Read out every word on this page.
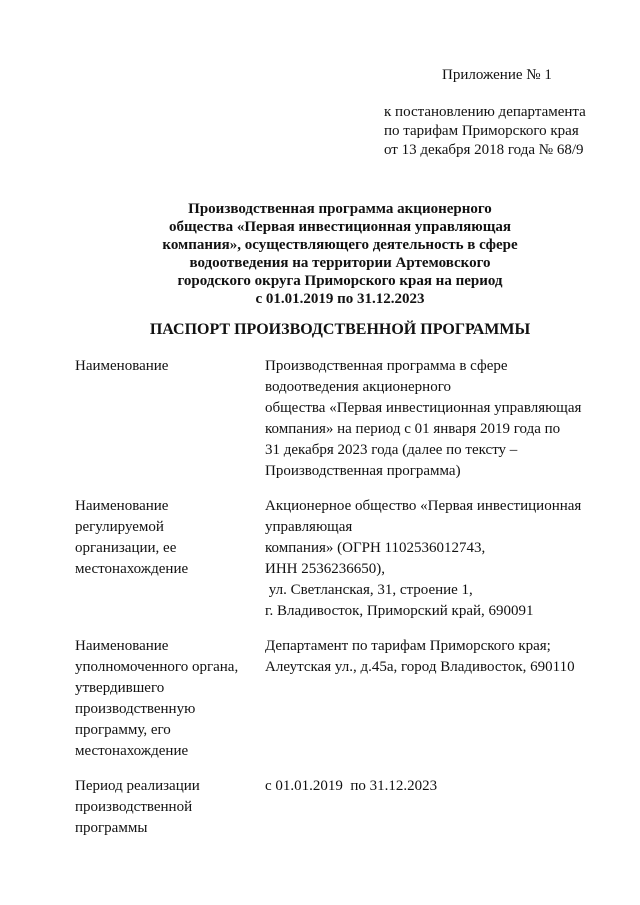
Приложение № 1
к постановлению департамента
по тарифам Приморского края
от 13 декабря 2018 года № 68/9
Производственная программа акционерного
общества «Первая инвестиционная управляющая
компания», осуществляющего деятельность в сфере
водоотведения на территории Артемовского
городского округа Приморского края на период
с 01.01.2019 по 31.12.2023
ПАСПОРТ ПРОИЗВОДСТВЕННОЙ ПРОГРАММЫ
Наименование	Производственная программа в сфере
водоотведения акционерного
общества «Первая инвестиционная управляющая
компания» на период с 01 января 2019 года по
31 декабря 2023 года (далее по тексту –
Производственная программа)
Наименование
регулируемой
организации, ее
местонахождение
Акционерное общество «Первая инвестиционная
управляющая
компания» (ОГРН 1102536012743,
ИНН 2536236650),
ул. Светланская, 31, строение 1,
г. Владивосток, Приморский край, 690091
Наименование
уполномоченного органа,
утвердившего
производственную
программу, его
местонахождение
Департамент по тарифам Приморского края;
Алеутская ул., д.45а, город Владивосток, 690110
Период реализации
производственной
программы
с 01.01.2019  по 31.12.2023
